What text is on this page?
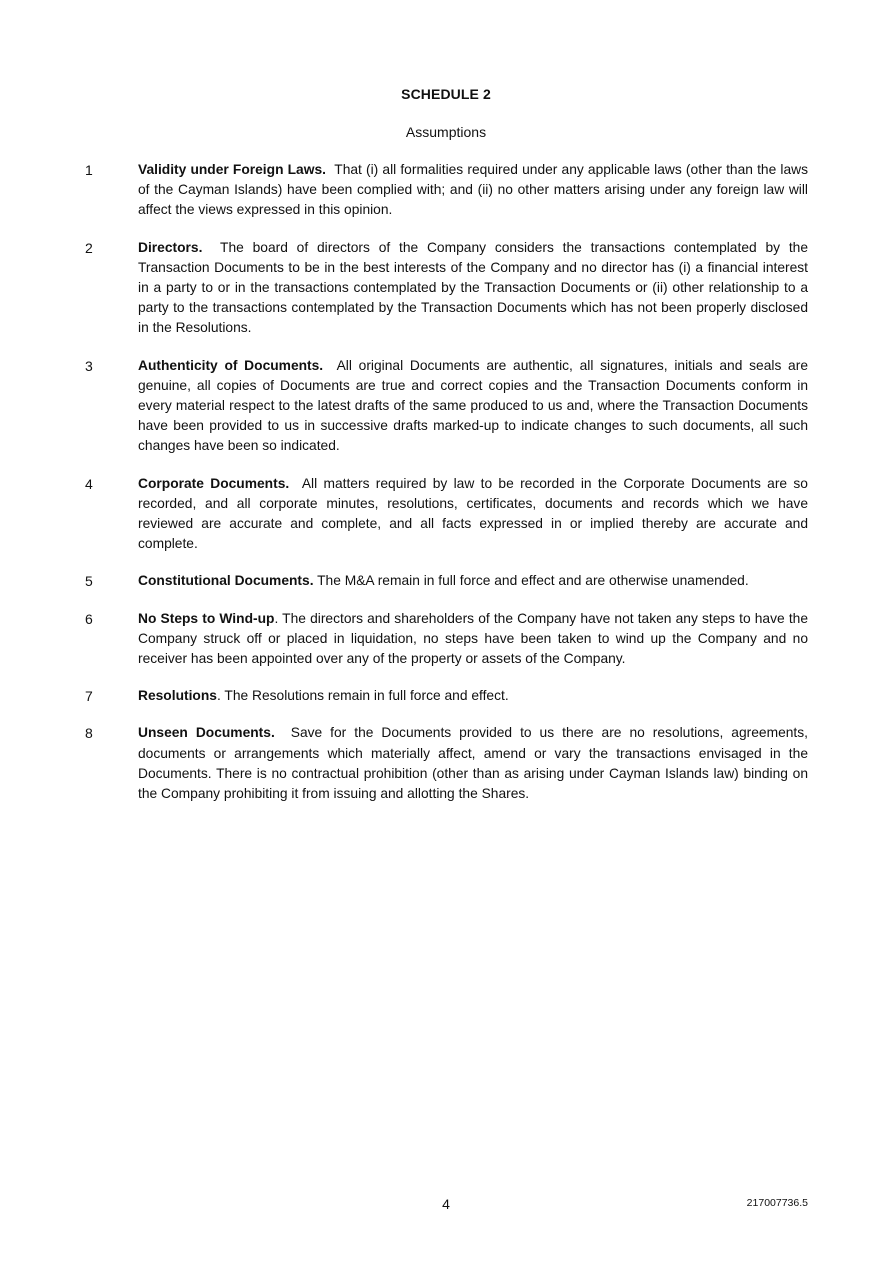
SCHEDULE 2
Assumptions
1	Validity under Foreign Laws. That (i) all formalities required under any applicable laws (other than the laws of the Cayman Islands) have been complied with; and (ii) no other matters arising under any foreign law will affect the views expressed in this opinion.
2	Directors. The board of directors of the Company considers the transactions contemplated by the Transaction Documents to be in the best interests of the Company and no director has (i) a financial interest in a party to or in the transactions contemplated by the Transaction Documents or (ii) other relationship to a party to the transactions contemplated by the Transaction Documents which has not been properly disclosed in the Resolutions.
3	Authenticity of Documents. All original Documents are authentic, all signatures, initials and seals are genuine, all copies of Documents are true and correct copies and the Transaction Documents conform in every material respect to the latest drafts of the same produced to us and, where the Transaction Documents have been provided to us in successive drafts marked-up to indicate changes to such documents, all such changes have been so indicated.
4	Corporate Documents. All matters required by law to be recorded in the Corporate Documents are so recorded, and all corporate minutes, resolutions, certificates, documents and records which we have reviewed are accurate and complete, and all facts expressed in or implied thereby are accurate and complete.
5	Constitutional Documents. The M&A remain in full force and effect and are otherwise unamended.
6	No Steps to Wind-up. The directors and shareholders of the Company have not taken any steps to have the Company struck off or placed in liquidation, no steps have been taken to wind up the Company and no receiver has been appointed over any of the property or assets of the Company.
7	Resolutions. The Resolutions remain in full force and effect.
8	Unseen Documents. Save for the Documents provided to us there are no resolutions, agreements, documents or arrangements which materially affect, amend or vary the transactions envisaged in the Documents. There is no contractual prohibition (other than as arising under Cayman Islands law) binding on the Company prohibiting it from issuing and allotting the Shares.
4	217007736.5
